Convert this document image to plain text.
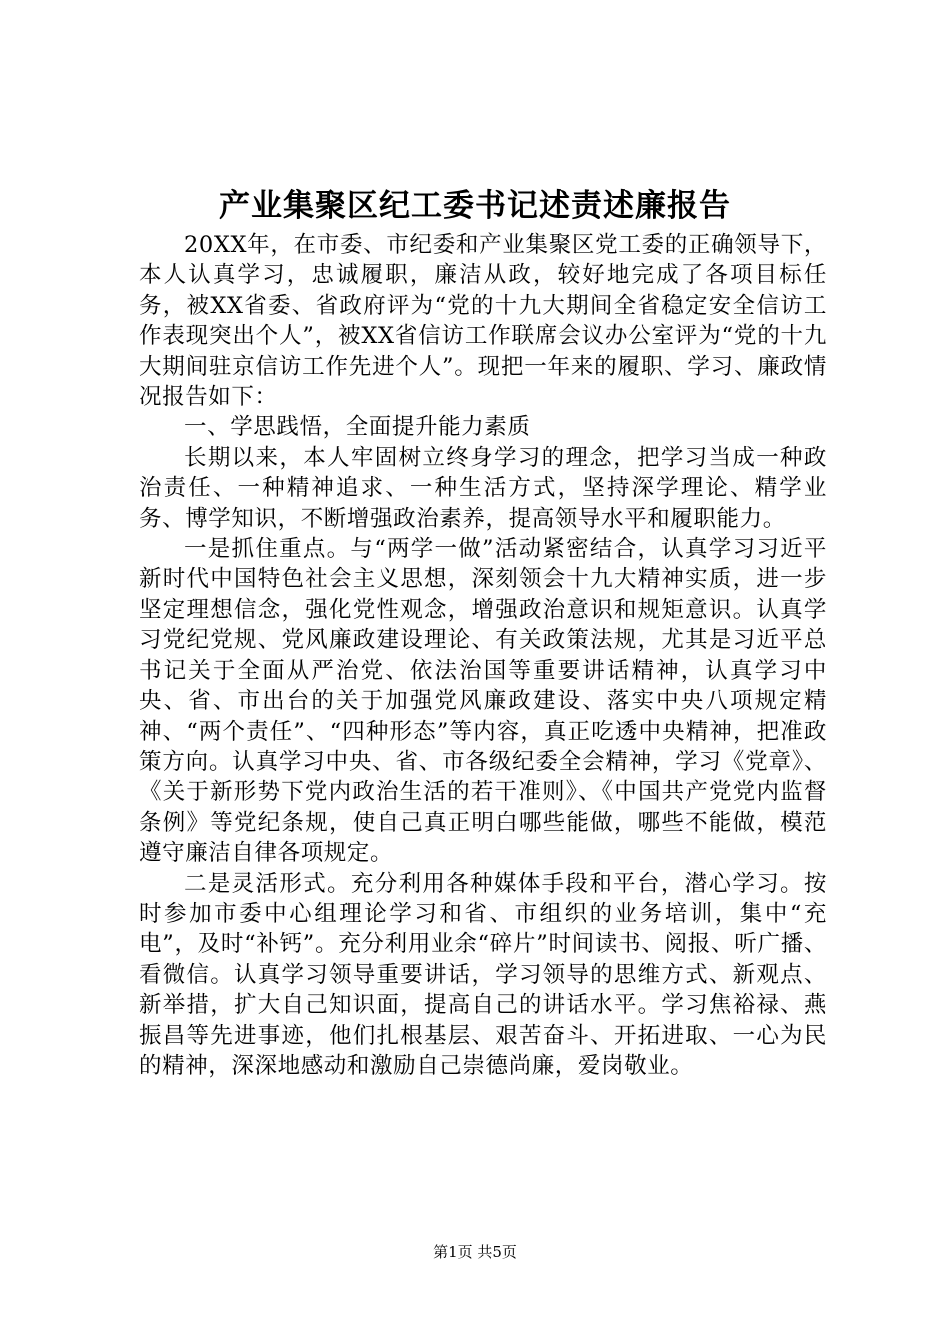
产业集聚区纪工委书记述责述廉报告

20XX年，在市委、市纪委和产业集聚区党工委的正确领导下，本人认真学习，忠诚履职，廉洁从政，较好地完成了各项目标任务，被XX省委、省政府评为“党的十九大期间全省稳定安全信访工作表现突出个人”，被XX省信访工作联席会议办公室评为“党的十九大期间驻京信访工作先进个人”。现把一年来的履职、学习、廉政情况报告如下：

一、学思践悟，全面提升能力素质

长期以来，本人牢固树立终身学习的理念，把学习当成一种政治责任、一种精神追求、一种生活方式，坚持深学理论、精学业务、博学知识，不断增强政治素养，提高领导水平和履职能力。

一是抓住重点。与“两学一做”活动紧密结合，认真学习习近平新时代中国特色社会主义思想，深刻领会十九大精神实质，进一步坚定理想信念，强化党性观念，增强政治意识和规矩意识。认真学习党纪党规、党风廉政建设理论、有关政策法规，尤其是习近平总书记关于全面从严治党、依法治国等重要讲话精神，认真学习中央、省、市出台的关于加强党风廉政建设、落实中央八项规定精神、“两个责任”、“四种形态”等内容，真正吃透中央精神，把准政策方向。认真学习中央、省、市各级纪委全会精神，学习《党章》、《关于新形势下党内政治生活的若干准则》、《中国共产党党内监督条例》等党纪条规，使自己真正明白哪些能做，哪些不能做，模范遵守廉洁自律各项规定。

二是灵活形式。充分利用各种媒体手段和平台，潜心学习。按时参加市委中心组理论学习和省、市组织的业务培训，集中“充电”，及时“补钙”。充分利用业余“碎片”时间读书、阅报、听广播、看微信。认真学习领导重要讲话，学习领导的思维方式、新观点、新举措，扩大自己知识面，提高自己的讲话水平。学习焦裕禄、燕振昌等先进事迹，他们扎根基层、艰苦奋斗、开拓进取、一心为民的精神，深深地感动和激励自己崇德尚廉，爱岗敬业。

第1页 共5页
